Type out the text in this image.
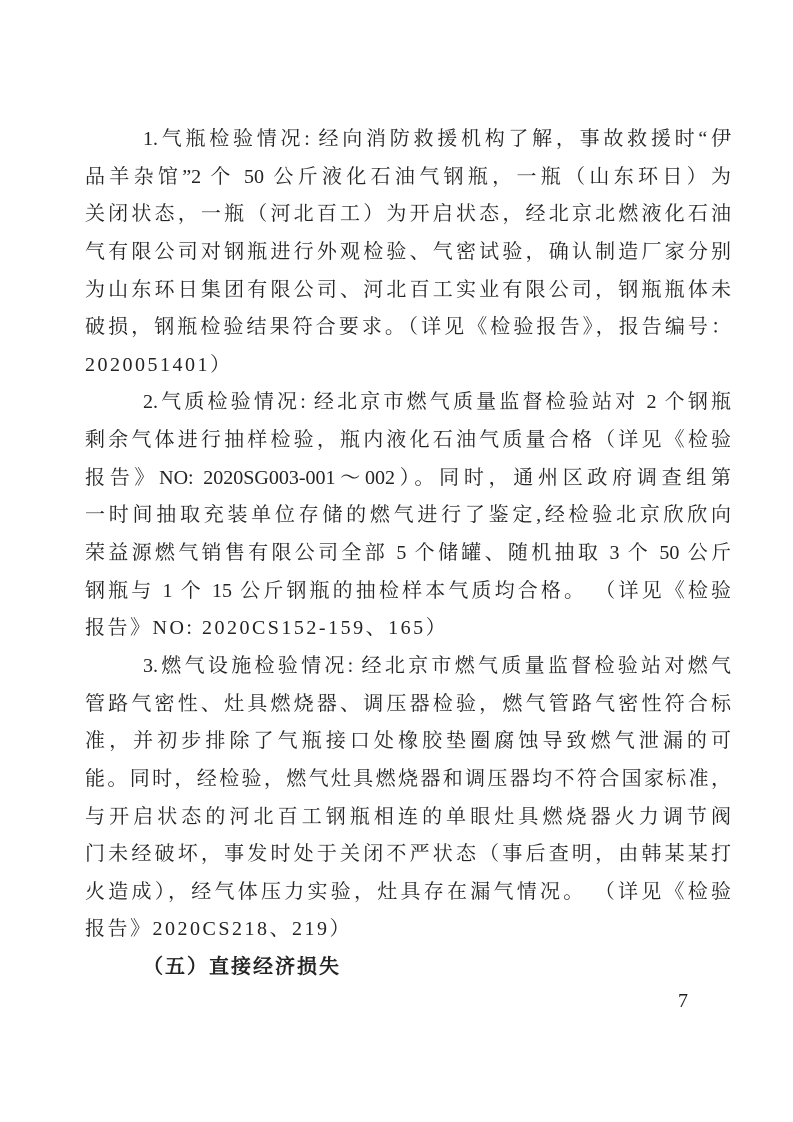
1.气瓶检验情况: 经向消防救援机构了解，事故救援时“伊
品羊杂馆”2 个 50 公斤液化石油气钢瓶，一瓶（山东环日）为
关闭状态，一瓶（河北百工）为开启状态，经北京北燃液化石油
气有限公司对钢瓶进行外观检验、气密试验，确认制造厂家分别
为山东环日集团有限公司、河北百工实业有限公司，钢瓶瓶体未
破损，钢瓶检验结果符合要求。（详见《检验报告》，报告编号：
2020051401）
2.气质检验情况: 经北京市燃气质量监督检验站对 2 个钢瓶
剩余气体进行抽样检验，瓶内液化石油气质量合格（详见《检验
报告》NO: 2020SG003-001～002）。同时，通州区政府调查组第
一时间抽取充装单位存储的燃气进行了鉴定,经检验北京欣欣向
荣益源燃气销售有限公司全部 5 个储罐、随机抽取 3 个 50 公斤
钢瓶与 1 个 15 公斤钢瓶的抽检样本气质均合格。 （详见《检验
报告》NO: 2020CS152-159、165）
3.燃气设施检验情况: 经北京市燃气质量监督检验站对燃气
管路气密性、灶具燃烧器、调压器检验，燃气管路气密性符合标
准，并初步排除了气瓶接口处橡胶垫圈腐蚀导致燃气泄漏的可
能。同时，经检验，燃气灶具燃烧器和调压器均不符合国家标准，
与开启状态的河北百工钢瓶相连的单眼灶具燃烧器火力调节阀
门未经破坏，事发时处于关闭不严状态（事后查明，由韩某某打
火造成），经气体压力实验，灶具存在漏气情况。 （详见《检验
报告》2020CS218、219）
（五）直接经济损失
7
